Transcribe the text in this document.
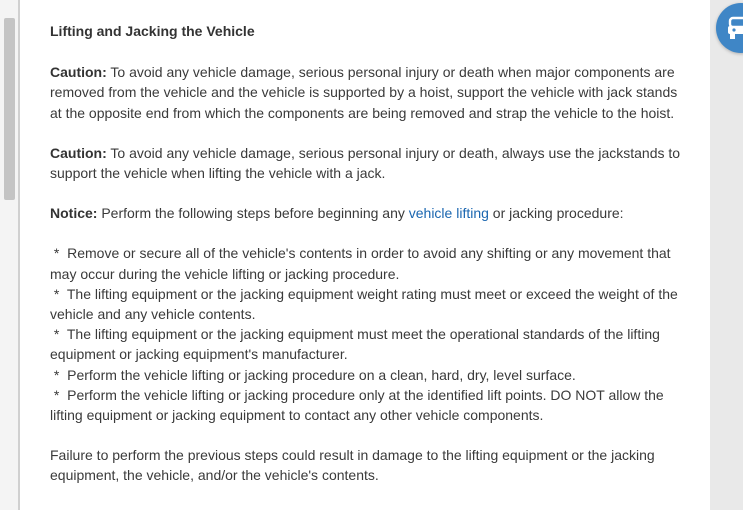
Lifting and Jacking the Vehicle

Caution: To avoid any vehicle damage, serious personal injury or death when major components are removed from the vehicle and the vehicle is supported by a hoist, support the vehicle with jack stands at the opposite end from which the components are being removed and strap the vehicle to the hoist.

Caution: To avoid any vehicle damage, serious personal injury or death, always use the jackstands to support the vehicle when lifting the vehicle with a jack.

Notice: Perform the following steps before beginning any vehicle lifting or jacking procedure:

*  Remove or secure all of the vehicle's contents in order to avoid any shifting or any movement that may occur during the vehicle lifting or jacking procedure.
*  The lifting equipment or the jacking equipment weight rating must meet or exceed the weight of the vehicle and any vehicle contents.
*  The lifting equipment or the jacking equipment must meet the operational standards of the lifting equipment or jacking equipment's manufacturer.
*  Perform the vehicle lifting or jacking procedure on a clean, hard, dry, level surface.
*  Perform the vehicle lifting or jacking procedure only at the identified lift points. DO NOT allow the lifting equipment or jacking equipment to contact any other vehicle components.

Failure to perform the previous steps could result in damage to the lifting equipment or the jacking equipment, the vehicle, and/or the vehicle's contents.
